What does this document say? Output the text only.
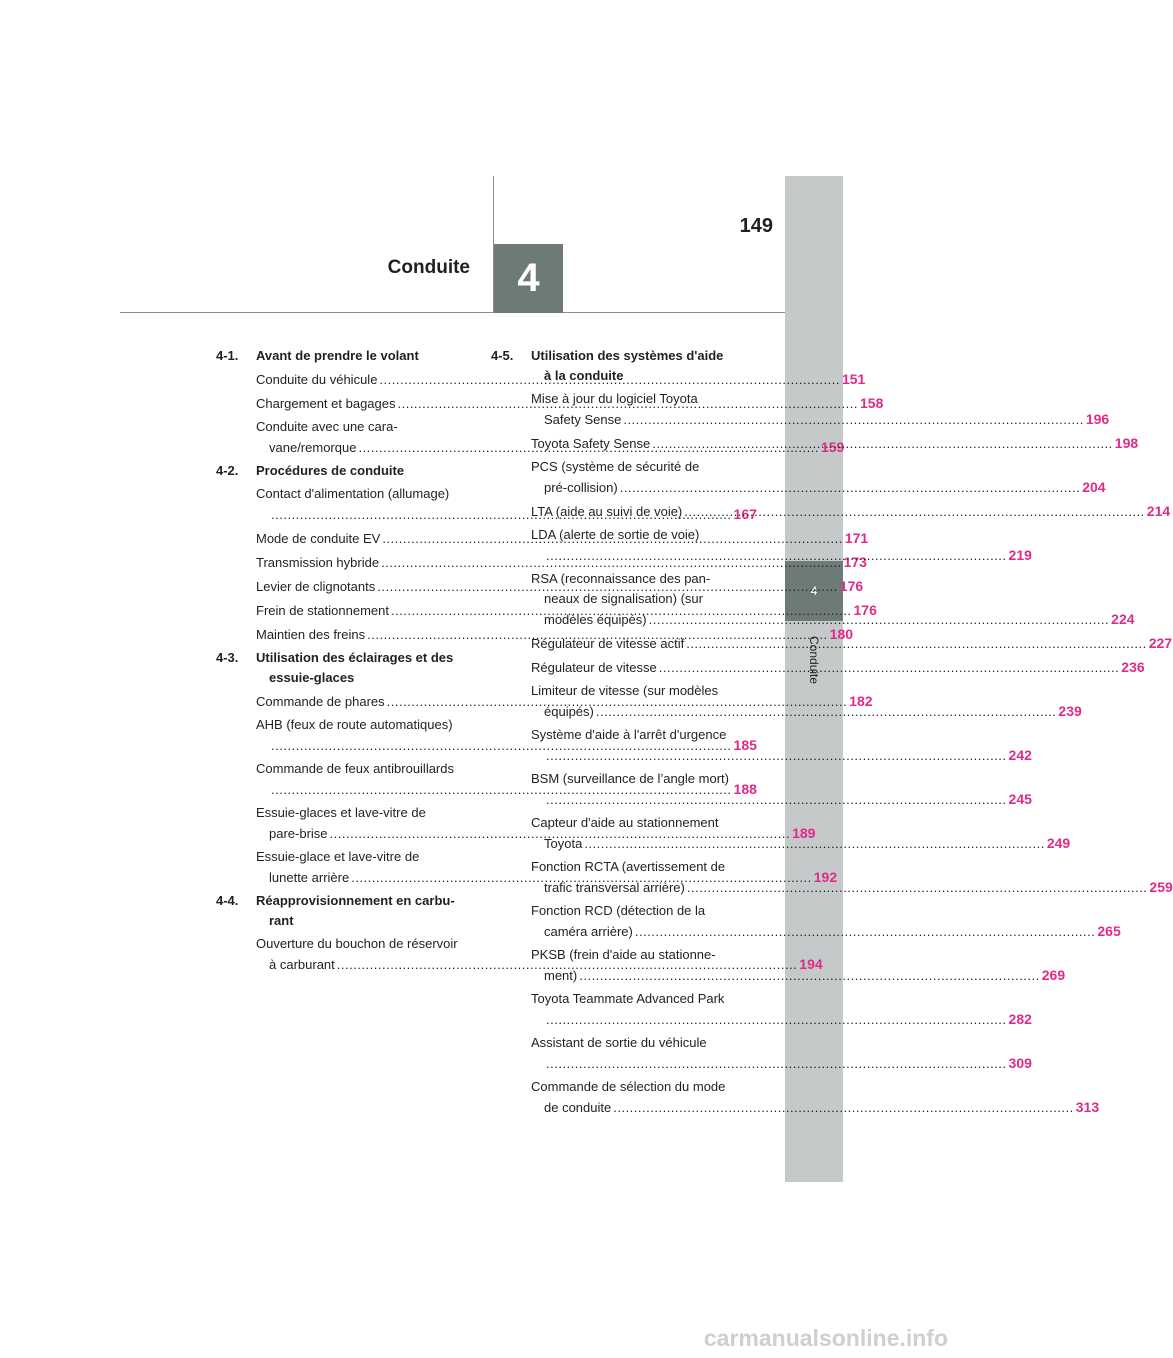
4
Conduite
4
Conduite
149
4-1.	Avant de prendre le volant
Conduite du véhicule .....	151
Chargement et bagages .....	158
Conduite avec une cara-
vane/remorque .....	159
4-2.	Procédures de conduite
Contact d'alimentation (allumage)
..... 167
Mode de conduite EV .....	171
Transmission hybride .....	173
Levier de clignotants .....	176
Frein de stationnement .....	176
Maintien des freins .....	180
4-3.	Utilisation des éclairages et des

essuie-glaces
Commande de phares .....	182
AHB (feux de route automatiques)
..... 185
Commande de feux antibrouillards
..... 188
Essuie-glaces et lave-vitre de
pare-brise .....	189
Essuie-glace et lave-vitre de
lunette arrière .....	192
4-4.	Réapprovisionnement en carbu-

rant
Ouverture du bouchon de réservoir
à carburant .....	194
4-5.	Utilisation des systèmes d'aide

à la conduite
Mise à jour du logiciel Toyota
Safety Sense .....	196
Toyota Safety Sense .....	198
PCS (système de sécurité de
pré-collision) .....	204
LTA (aide au suivi de voie) .....	214
LDA (alerte de sortie de voie)
..... 219
RSA (reconnaissance des pan-
neaux de signalisation) (sur
modèles équipés) .....	224
Régulateur de vitesse actif .....	227
Régulateur de vitesse .....	236
Limiteur de vitesse (sur modèles
équipés) .....	239
Système d'aide à l'arrêt d'urgence
..... 242
BSM (surveillance de l’angle mort)
..... 245
Capteur d'aide au stationnement
Toyota .....	249
Fonction RCTA (avertissement de
trafic transversal arrière) .....	259
Fonction RCD (détection de la
caméra arrière) .....	265
PKSB (frein d'aide au stationne-
ment) .....	269
Toyota Teammate Advanced Park
..... 282
Assistant de sortie du véhicule
..... 309
Commande de sélection du mode
de conduite .....	313
carmanualsonline.info
